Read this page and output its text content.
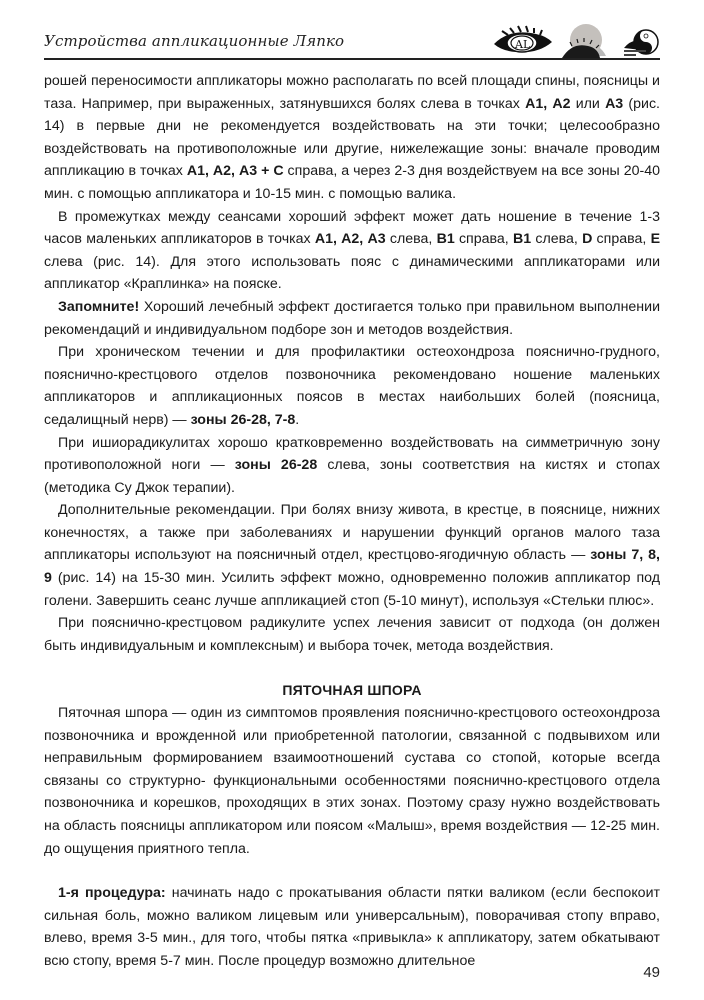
Устройства аппликационные Ляпко	AL

рошей переносимости аппликаторы можно располагать по всей площади спины, поясницы и таза. Например, при выраженных, затянувшихся болях слева в точках А1, А2 или А3 (рис. 14) в первые дни не рекомендуется воздействовать на эти точки; целесообразно воздействовать на противоположные или другие, нижележащие зоны: вначале проводим аппликацию в точках А1, А2, А3 + С справа, а через 2-3 дня воздействуем на все зоны 20-40 мин. с помощью аппликатора и 10-15 мин. с помощью валика.

В промежутках между сеансами хороший эффект может дать ношение в течение 1-3 часов маленьких аппликаторов в точках А1, А2, А3 слева, В1 справа, В1 слева, D справа, Е слева (рис. 14). Для этого использовать пояс с динамическими аппликаторами или аппликатор «Краплинка» на пояске.

Запомните! Хороший лечебный эффект достигается только при правильном выполнении рекомендаций и индивидуальном подборе зон и методов воздействия.

При хроническом течении и для профилактики остеохондроза пояснично-грудного, пояснично-крестцового отделов позвоночника рекомендовано ношение маленьких аппликаторов и аппликационных поясов в местах наибольших болей (поясница, седалищный нерв) — зоны 26-28, 7-8.

При ишиорадикулитах хорошо кратковременно воздействовать на симметричную зону противоположной ноги — зоны 26-28 слева, зоны соответствия на кистях и стопах (методика Су Джок терапии).

Дополнительные рекомендации. При болях внизу живота, в крестце, в пояснице, нижних конечностях, а также при заболеваниях и нарушении функций органов малого таза аппликаторы используют на поясничный отдел, крестцово-ягодичную область — зоны 7, 8, 9 (рис. 14) на 15-30 мин. Усилить эффект можно, одновременно положив аппликатор под голени. Завершить сеанс лучше аппликацией стоп (5-10 минут), используя «Стельки плюс».

При пояснично-крестцовом радикулите успех лечения зависит от подхода (он должен быть индивидуальным и комплексным) и выбора точек, метода воздействия.

ПЯТОЧНАЯ ШПОРА

Пяточная шпора — один из симптомов проявления пояснично-крестцового остеохондроза позвоночника и врожденной или приобретенной патологии, связанной с подвывихом или неправильным формированием взаимоотношений сустава со стопой, которые всегда связаны со структурно- функциональными особенностями пояснично-крестцового отдела позвоночника и корешков, проходящих в этих зонах. Поэтому сразу нужно воздействовать на область поясницы аппликатором или поясом «Малыш», время воздействия — 12-25 мин. до ощущения приятного тепла.

1-я процедура: начинать надо с прокатывания области пятки валиком (если беспокоит сильная боль, можно валиком лицевым или универсальным), поворачивая стопу вправо, влево, время 3-5 мин., для того, чтобы пятка «привыкла» к аппликатору, затем обкатывают всю стопу, время 5-7 мин. После процедур возможно длительное

49
